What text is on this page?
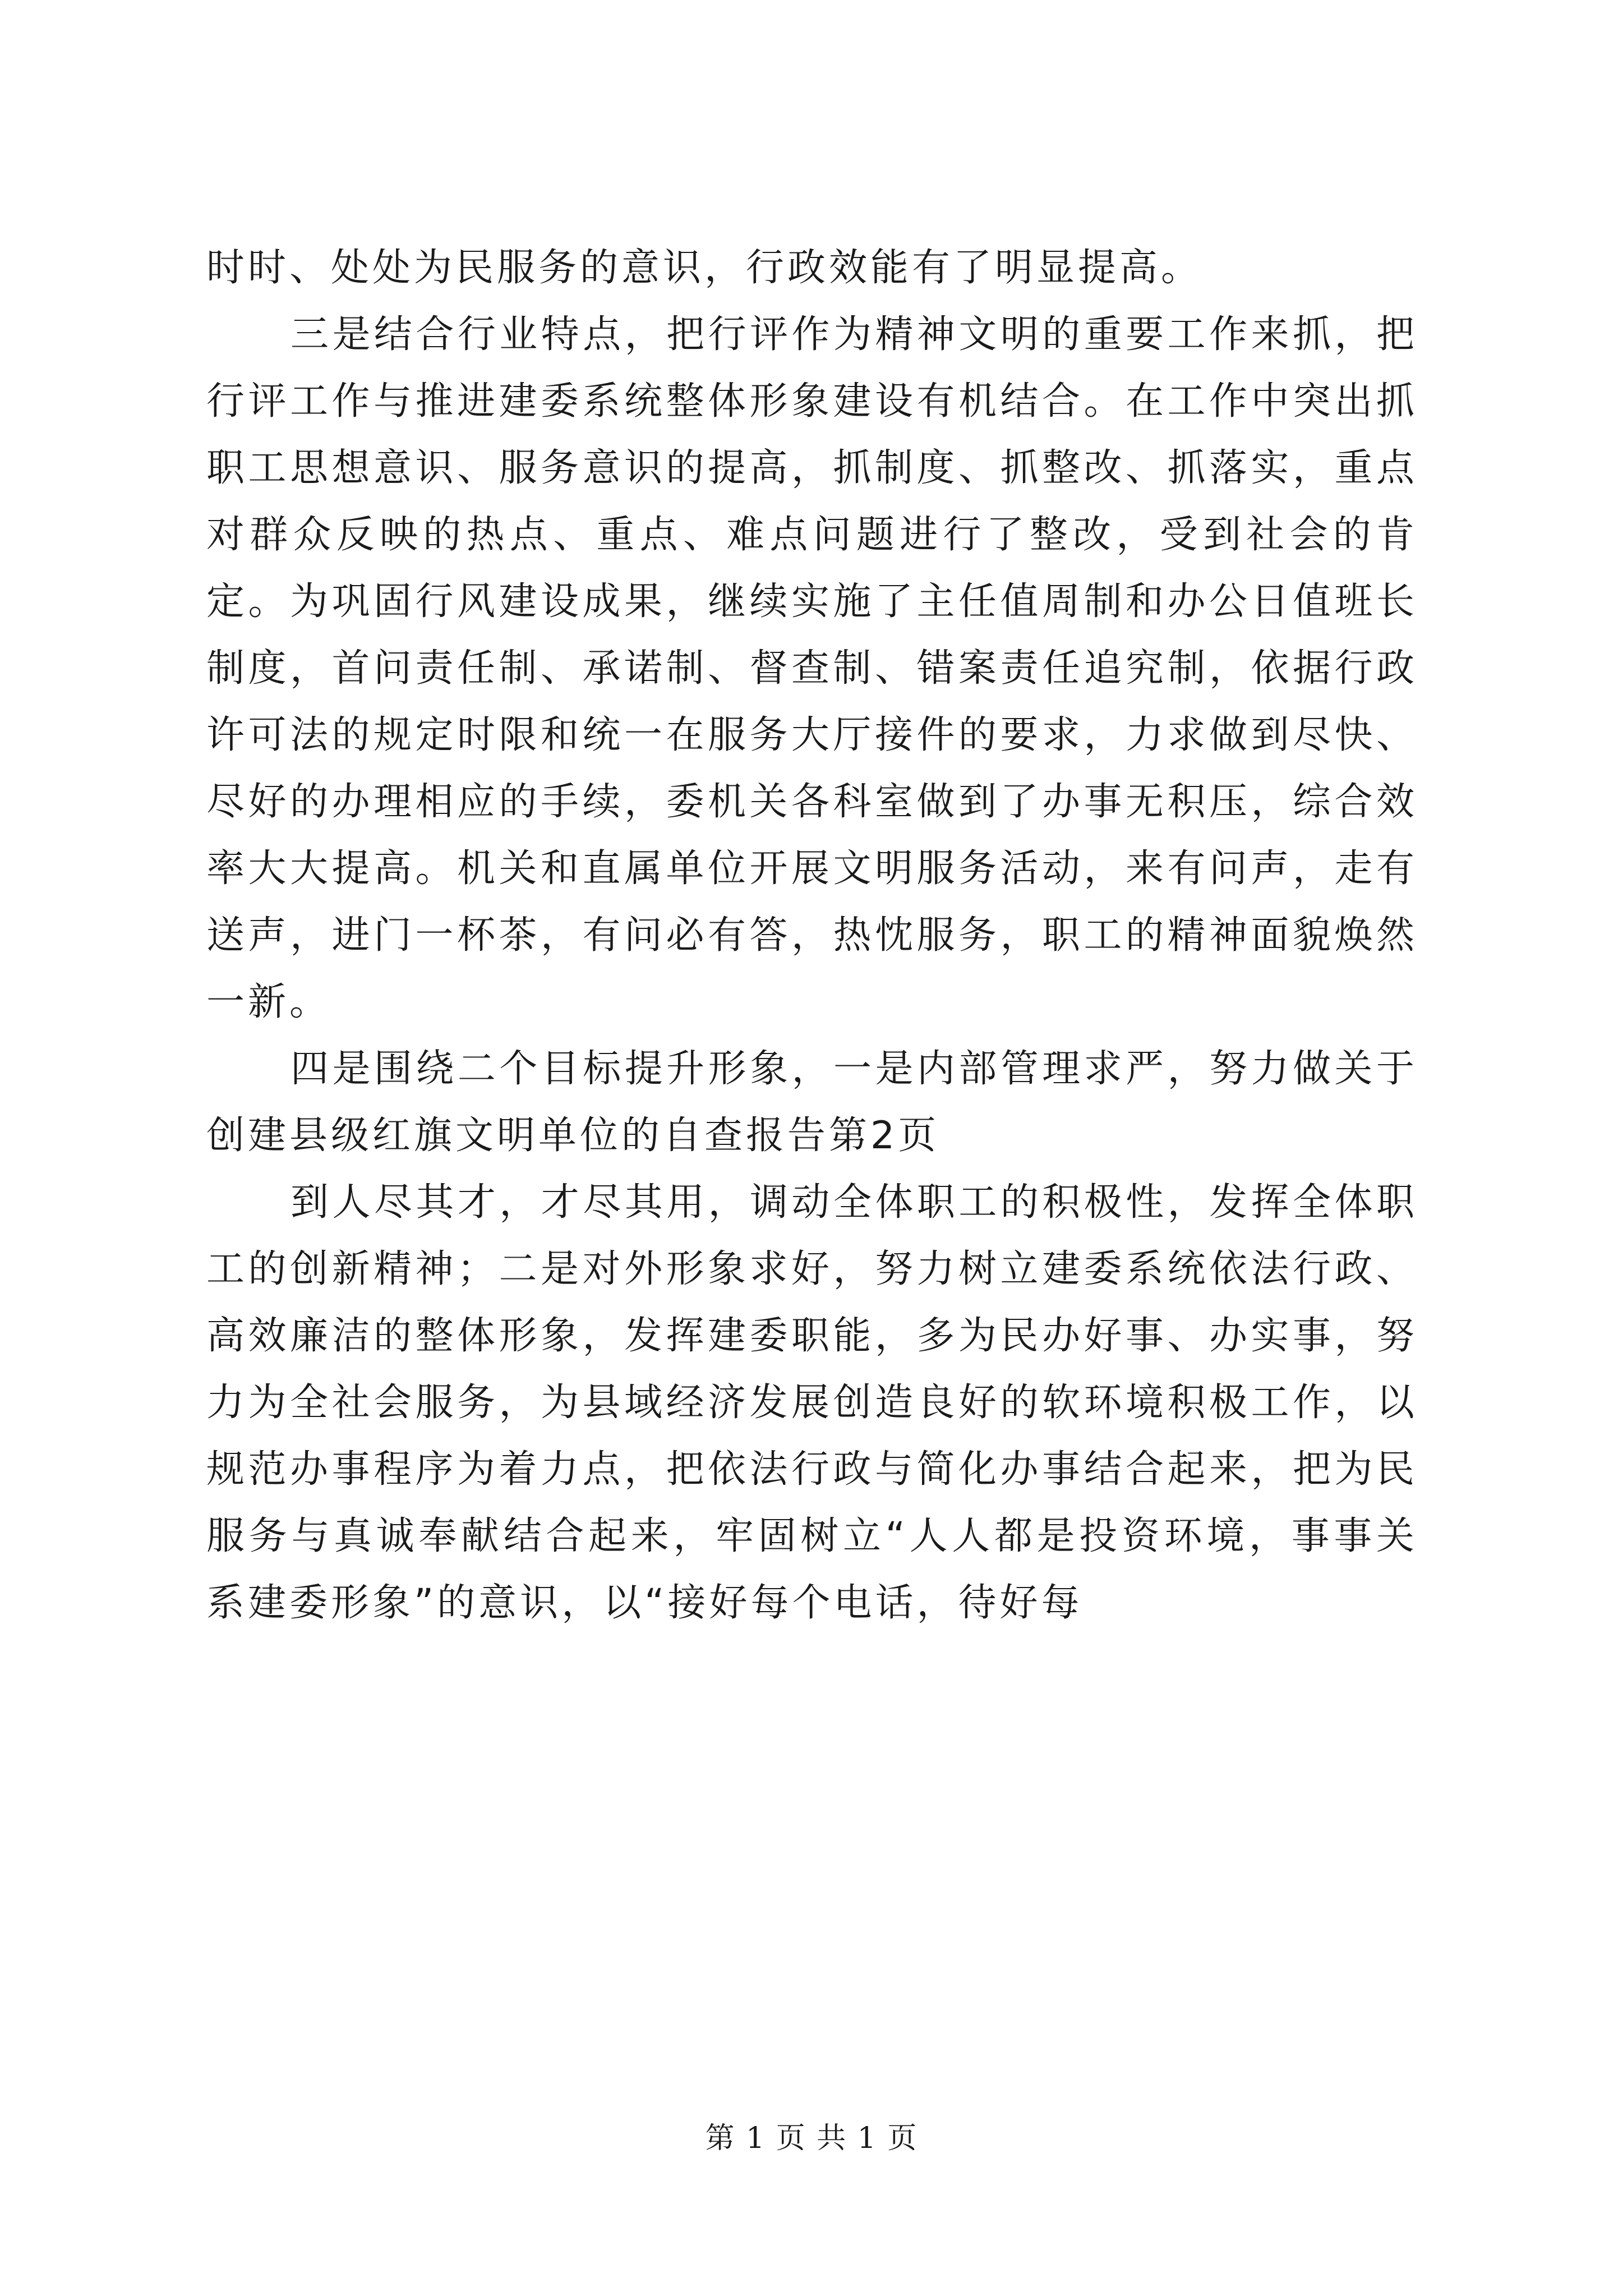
时时、处处为民服务的意识，行政效能有了明显提高。

三是结合行业特点，把行评作为精神文明的重要工作来抓，把行评工作与推进建委系统整体形象建设有机结合。在工作中突出抓职工思想意识、服务意识的提高，抓制度、抓整改、抓落实，重点对群众反映的热点、重点、难点问题进行了整改，受到社会的肯定。为巩固行风建设成果，继续实施了主任值周制和办公日值班长制度，首问责任制、承诺制、督查制、错案责任追究制，依据行政许可法的规定时限和统一在服务大厅接件的要求，力求做到尽快、尽好的办理相应的手续，委机关各科室做到了办事无积压，综合效率大大提高。机关和直属单位开展文明服务活动，来有问声，走有送声，进门一杯茶，有问必有答，热忱服务，职工的精神面貌焕然一新。

四是围绕二个目标提升形象，一是内部管理求严，努力做关于创建县级红旗文明单位的自查报告第2页

到人尽其才，才尽其用，调动全体职工的积极性，发挥全体职工的创新精神；二是对外形象求好，努力树立建委系统依法行政、高效廉洁的整体形象，发挥建委职能，多为民办好事、办实事，努力为全社会服务，为县域经济发展创造良好的软环境积极工作，以规范办事程序为着力点，把依法行政与简化办事结合起来，把为民服务与真诚奉献结合起来，牢固树立“人人都是投资环境，事事关系建委形象”的意识，以“接好每个电话，待好每

第 1 页 共 1 页
